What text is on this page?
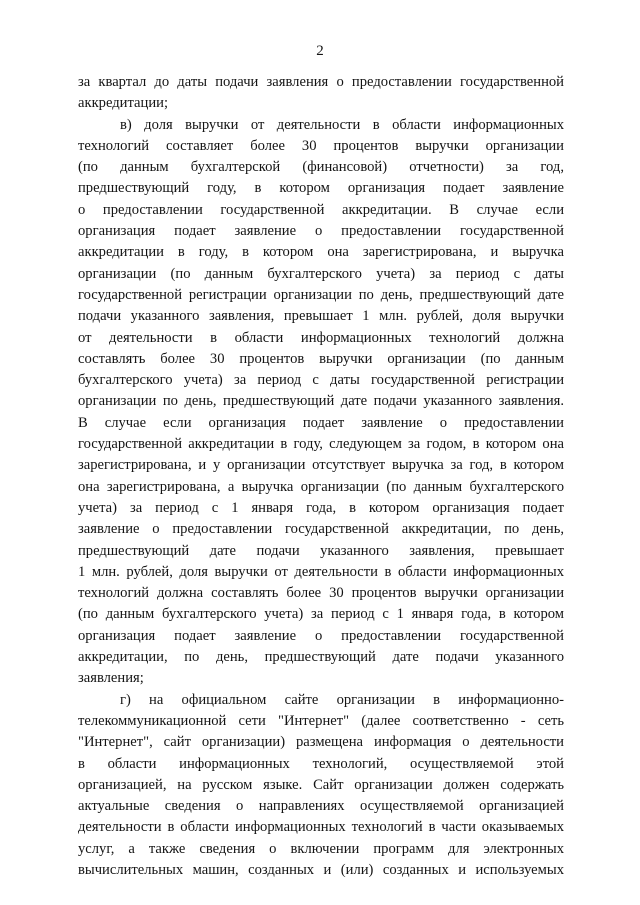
2
за квартал до даты подачи заявления о предоставлении государственной
аккредитации;
в) доля выручки от деятельности в области информационных
технологий составляет более 30 процентов выручки организации
(по данным бухгалтерской (финансовой) отчетности) за год,
предшествующий году, в котором организация подает заявление
о предоставлении государственной аккредитации. В случае если
организация подает заявление о предоставлении государственной
аккредитации в году, в котором она зарегистрирована, и выручка
организации (по данным бухгалтерского учета) за период с даты
государственной регистрации организации по день, предшествующий дате
подачи указанного заявления, превышает 1 млн. рублей, доля выручки
от деятельности в области информационных технологий должна
составлять более 30 процентов выручки организации (по данным
бухгалтерского учета) за период с даты государственной регистрации
организации по день, предшествующий дате подачи указанного заявления.
В случае если организация подает заявление о предоставлении
государственной аккредитации в году, следующем за годом, в котором она
зарегистрирована, и у организации отсутствует выручка за год, в котором
она зарегистрирована, а выручка организации (по данным бухгалтерского
учета) за период с 1 января года, в котором организация подает
заявление о предоставлении государственной аккредитации, по день,
предшествующий дате подачи указанного заявления, превышает
1 млн. рублей, доля выручки от деятельности в области информационных
технологий должна составлять более 30 процентов выручки организации
(по данным бухгалтерского учета) за период с 1 января года, в котором
организация подает заявление о предоставлении государственной
аккредитации, по день, предшествующий дате подачи указанного
заявления;
г) на официальном сайте организации в информационно-
телекоммуникационной сети "Интернет" (далее соответственно - сеть
"Интернет", сайт организации) размещена информация о деятельности
в области информационных технологий, осуществляемой этой
организацией, на русском языке. Сайт организации должен содержать
актуальные сведения о направлениях осуществляемой организацией
деятельности в области информационных технологий в части оказываемых
услуг, а также сведения о включении программ для электронных
вычислительных машин, созданных и (или) созданных и используемых
